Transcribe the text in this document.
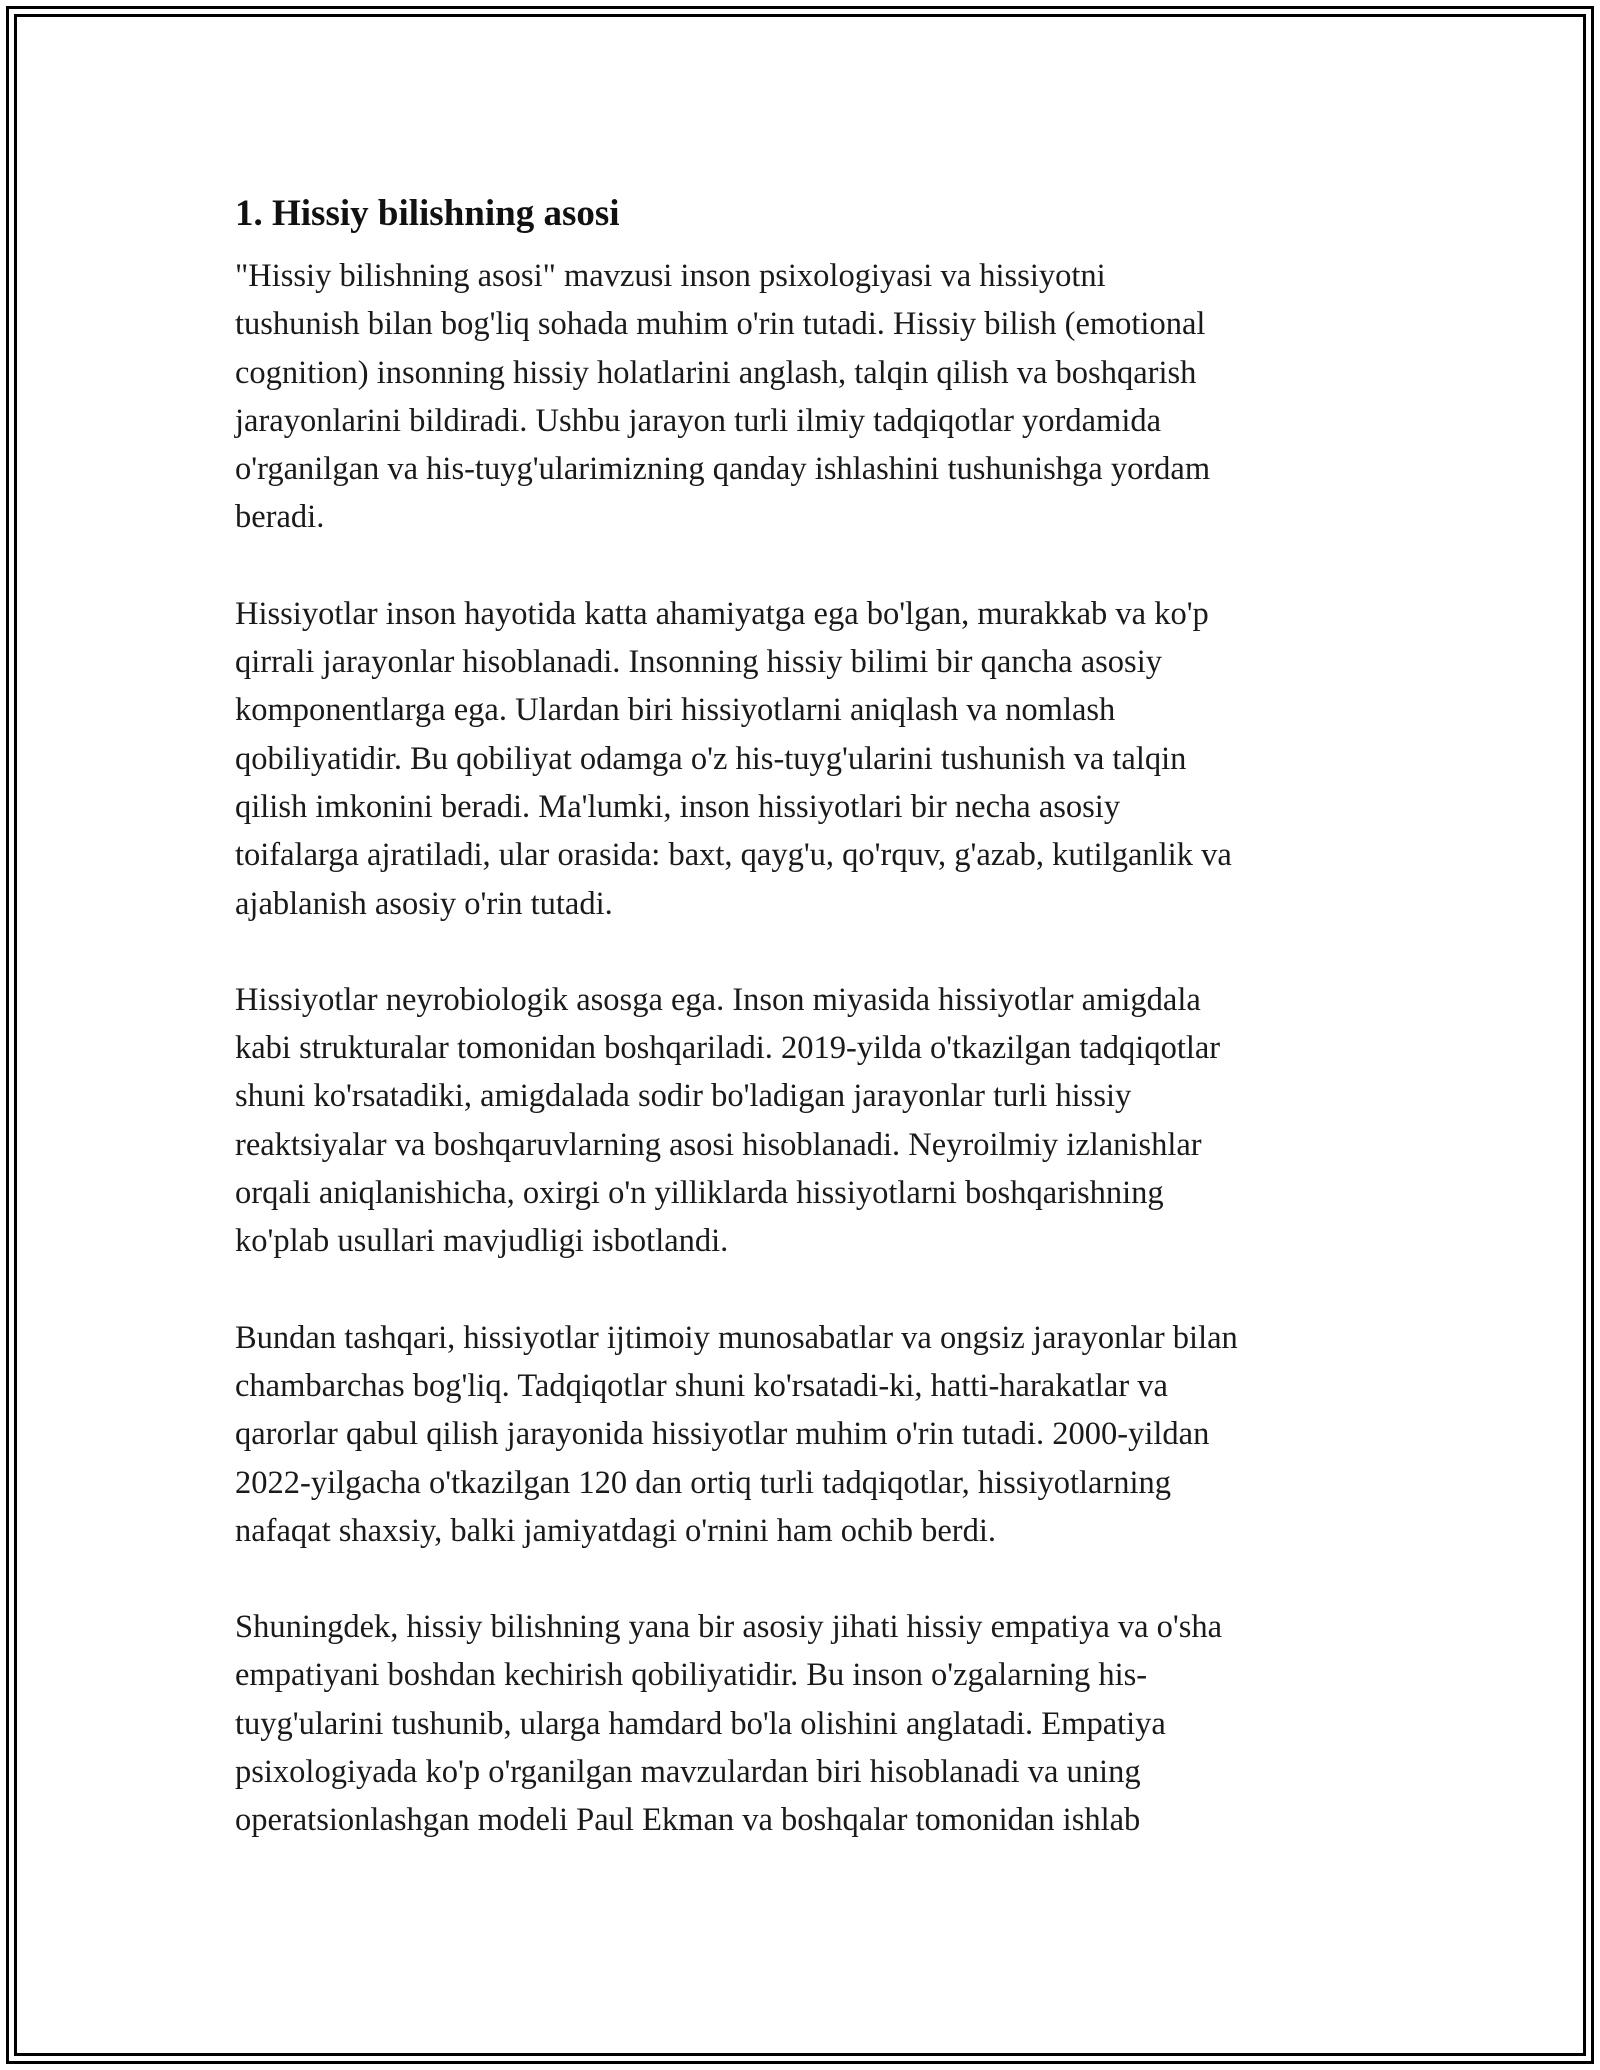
1. Hissiy bilishning asosi

"Hissiy bilishning asosi" mavzusi inson psixologiyasi va hissiyotni
tushunish bilan bog'liq sohada muhim o'rin tutadi. Hissiy bilish (emotional
cognition) insonning hissiy holatlarini anglash, talqin qilish va boshqarish
jarayonlarini bildiradi. Ushbu jarayon turli ilmiy tadqiqotlar yordamida
o'rganilgan va his-tuyg'ularimizning qanday ishlashini tushunishga yordam
beradi.

Hissiyotlar inson hayotida katta ahamiyatga ega bo'lgan, murakkab va ko'p
qirrali jarayonlar hisoblanadi. Insonning hissiy bilimi bir qancha asosiy
komponentlarga ega. Ulardan biri hissiyotlarni aniqlash va nomlash
qobiliyatidir. Bu qobiliyat odamga o'z his-tuyg'ularini tushunish va talqin
qilish imkonini beradi. Ma'lumki, inson hissiyotlari bir necha asosiy
toifalarga ajratiladi, ular orasida: baxt, qayg'u, qo'rquv, g'azab, kutilganlik va
ajablanish asosiy o'rin tutadi.

Hissiyotlar neyrobiologik asosga ega. Inson miyasida hissiyotlar amigdala
kabi strukturalar tomonidan boshqariladi. 2019-yilda o'tkazilgan tadqiqotlar
shuni ko'rsatadiki, amigdalada sodir bo'ladigan jarayonlar turli hissiy
reaktsiyalar va boshqaruvlarning asosi hisoblanadi. Neyroilmiy izlanishlar
orqali aniqlanishicha, oxirgi o'n yilliklarda hissiyotlarni boshqarishning
ko'plab usullari mavjudligi isbotlandi.

Bundan tashqari, hissiyotlar ijtimoiy munosabatlar va ongsiz jarayonlar bilan
chambarchas bog'liq. Tadqiqotlar shuni ko'rsatadi-ki, hatti-harakatlar va
qarorlar qabul qilish jarayonida hissiyotlar muhim o'rin tutadi. 2000-yildan
2022-yilgacha o'tkazilgan 120 dan ortiq turli tadqiqotlar, hissiyotlarning
nafaqat shaxsiy, balki jamiyatdagi o'rnini ham ochib berdi.

Shuningdek, hissiy bilishning yana bir asosiy jihati hissiy empatiya va o'sha
empatiyani boshdan kechirish qobiliyatidir. Bu inson o'zgalarning his-
tuyg'ularini tushunib, ularga hamdard bo'la olishini anglatadi. Empatiya
psixologiyada ko'p o'rganilgan mavzulardan biri hisoblanadi va uning
operatsionlashgan modeli Paul Ekman va boshqalar tomonidan ishlab
